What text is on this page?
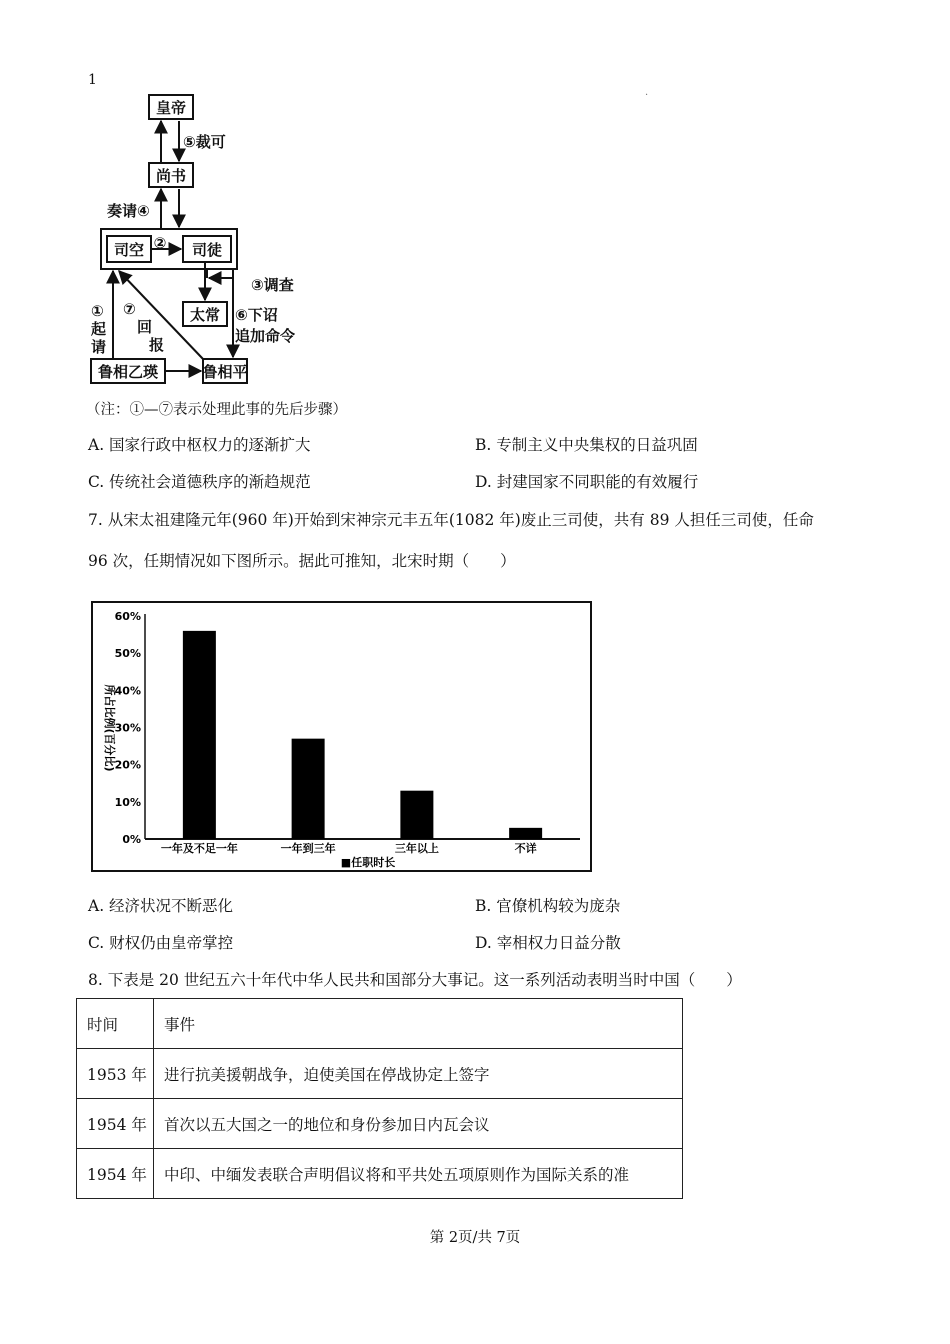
1
·
皇帝
尚书
司空	司徒
太常
鲁相乙瑛	鲁相平
⑤裁可
奏请④
②
③调查
⑥下诏
追加命令
①
起
请
⑦
回
报
（注：①—⑦表示处理此事的先后步骤）
A. 国家行政中枢权力的逐渐扩大	B. 专制主义中央集权的日益巩固
C. 传统社会道德秩序的渐趋规范	D. 封建国家不同职能的有效履行
7. 从宋太祖建隆元年(960 年)开始到宋神宗元丰五年(1082 年)废止三司使，共有 89 人担任三司使，任命
96 次，任期情况如下图所示。据此可推知，北宋时期（　　）
0%
10%
20%
30%
40%
50%
60%
一年及不足一年	一年到三年	三年以上	不详
所占比例(百分比)
■任职时长
A. 经济状况不断恶化	B. 官僚机构较为庞杂
C. 财权仍由皇帝掌控	D. 宰相权力日益分散
8. 下表是 20 世纪五六十年代中华人民共和国部分大事记。这一系列活动表明当时中国（　　）
时间	事件
1953 年	进行抗美援朝战争，迫使美国在停战协定上签字
1954 年	首次以五大国之一的地位和身份参加日内瓦会议
1954 年	中印、中缅发表联合声明倡议将和平共处五项原则作为国际关系的准
第 2页/共 7页
